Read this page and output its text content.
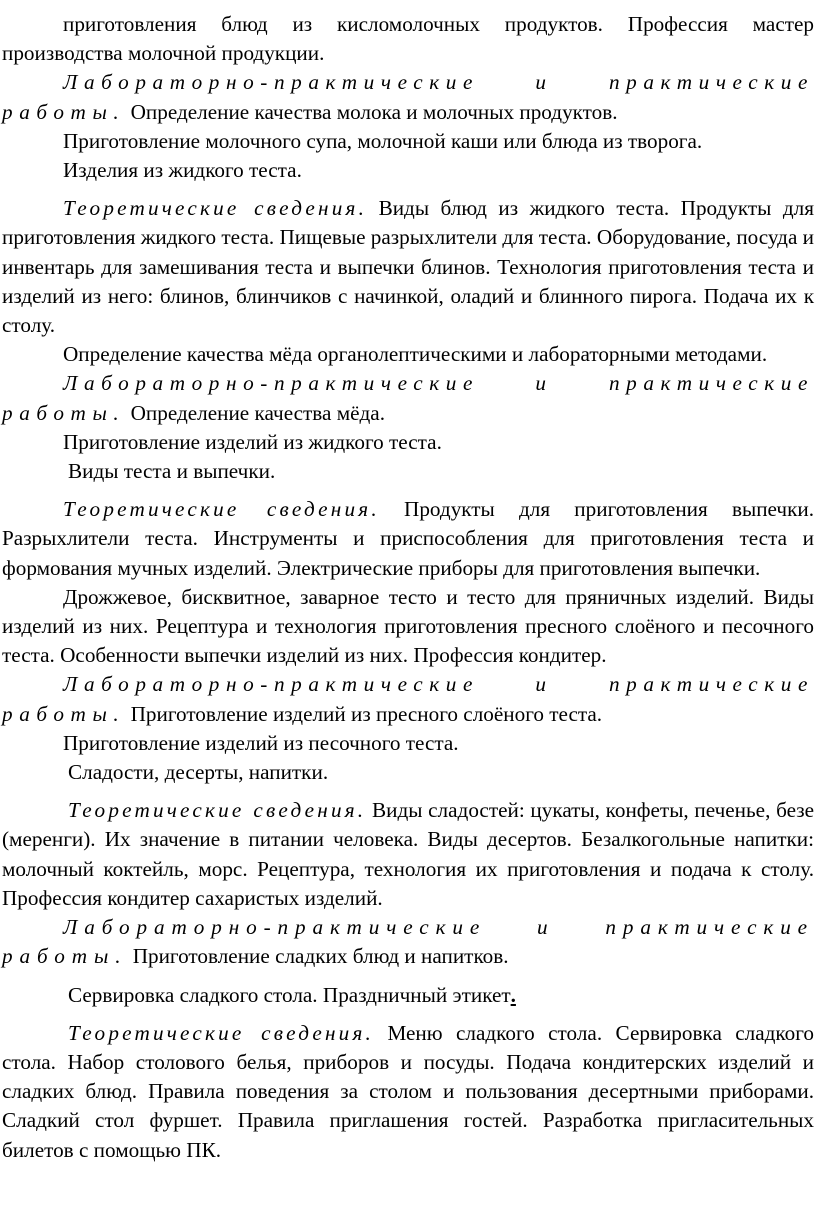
приготовления блюд из кисломолочных продуктов. Профессия мастер производства молочной продукции.

Лабораторно-практические и практические работы. Определение качества молока и молочных продуктов.

Приготовление молочного супа, молочной каши или блюда из творога.

Изделия из жидкого теста.

Теоретические сведения. Виды блюд из жидкого теста. Продукты для приготовления жидкого теста. Пищевые разрыхлители для теста. Оборудование, посуда и инвентарь для замешивания теста и выпечки блинов. Технология приготовления теста и изделий из него: блинов, блинчиков с начинкой, оладий и блинного пирога. Подача их к столу.

Определение качества мёда органолептическими и лабораторными методами.

Лабораторно-практические и практические работы. Определение качества мёда.

Приготовление изделий из жидкого теста.

Виды теста и выпечки.

Теоретические сведения. Продукты для приготовления выпечки. Разрыхлители теста. Инструменты и приспособления для приготовления теста и формования мучных изделий. Электрические приборы для приготовления выпечки.

Дрожжевое, бисквитное, заварное тесто и тесто для пряничных изделий. Виды изделий из них. Рецептура и технология приготовления пресного слоёного и песочного теста. Особенности выпечки изделий из них. Профессия кондитер.

Лабораторно-практические и практические работы. Приготовление изделий из пресного слоёного теста.

Приготовление изделий из песочного теста.

Сладости, десерты, напитки.

Теоретические сведения. Виды сладостей: цукаты, конфеты, печенье, безе (меренги). Их значение в питании человека. Виды десертов. Безалкогольные напитки: молочный коктейль, морс. Рецептура, технология их приготовления и подача к столу. Профессия кондитер сахаристых изделий.

Лабораторно-практические и практические работы. Приготовление сладких блюд и напитков.

Сервировка сладкого стола. Праздничный этикет.

Теоретические сведения. Меню сладкого стола. Сервировка сладкого стола. Набор столового белья, приборов и посуды. Подача кондитерских изделий и сладких блюд. Правила поведения за столом и пользования десертными приборами. Сладкий стол фуршет. Правила приглашения гостей. Разработка пригласительных билетов с помощью ПК.
